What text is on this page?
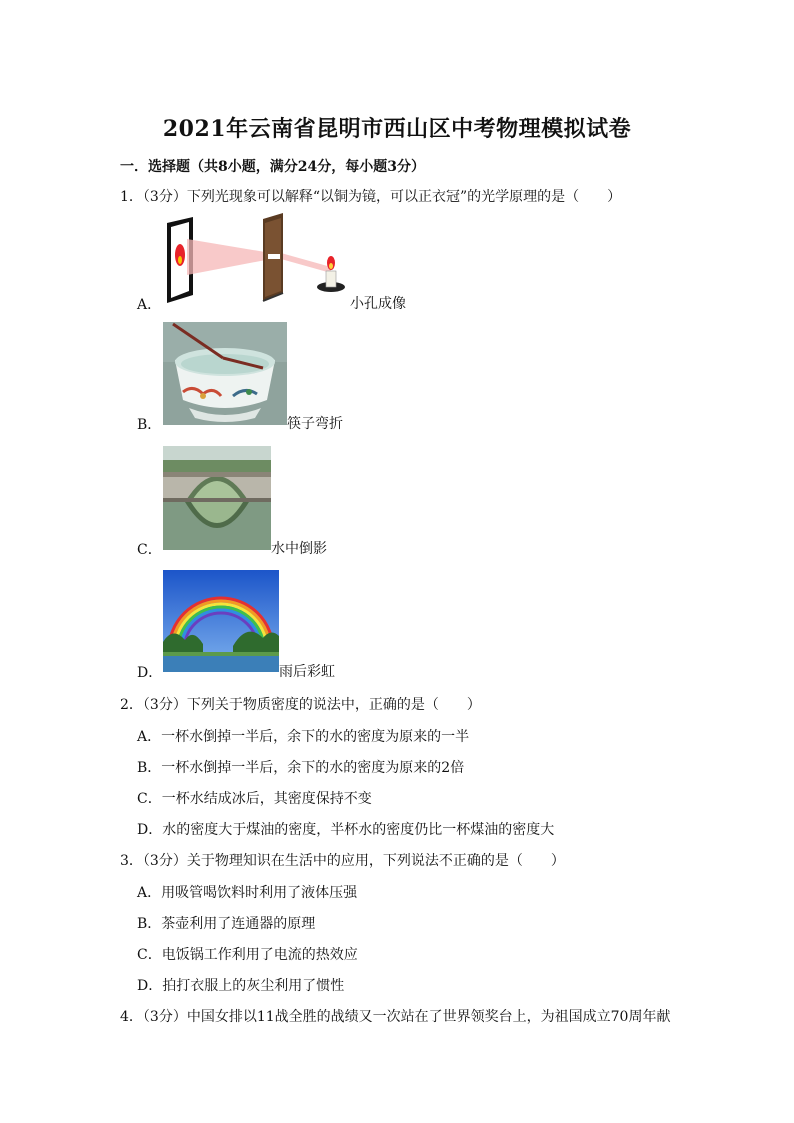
2021年云南省昆明市西山区中考物理模拟试卷
一．选择题（共8小题，满分24分，每小题3分）
1．（3分）下列光现象可以解释“以铜为镜，可以正衣冠”的光学原理的是（　　）
A．	小孔成像
B．	筷子弯折
C．	水中倒影
D．	雨后彩虹
2．（3分）下列关于物质密度的说法中，正确的是（　　）
A．一杯水倒掉一半后，余下的水的密度为原来的一半
B．一杯水倒掉一半后，余下的水的密度为原来的2倍
C．一杯水结成冰后，其密度保持不变
D．水的密度大于煤油的密度，半杯水的密度仍比一杯煤油的密度大
3．（3分）关于物理知识在生活中的应用，下列说法不正确的是（　　）
A．用吸管喝饮料时利用了液体压强
B．茶壶利用了连通器的原理
C．电饭锅工作利用了电流的热效应
D．拍打衣服上的灰尘利用了惯性
4．（3分）中国女排以11战全胜的战绩又一次站在了世界领奖台上，为祖国成立70周年献
